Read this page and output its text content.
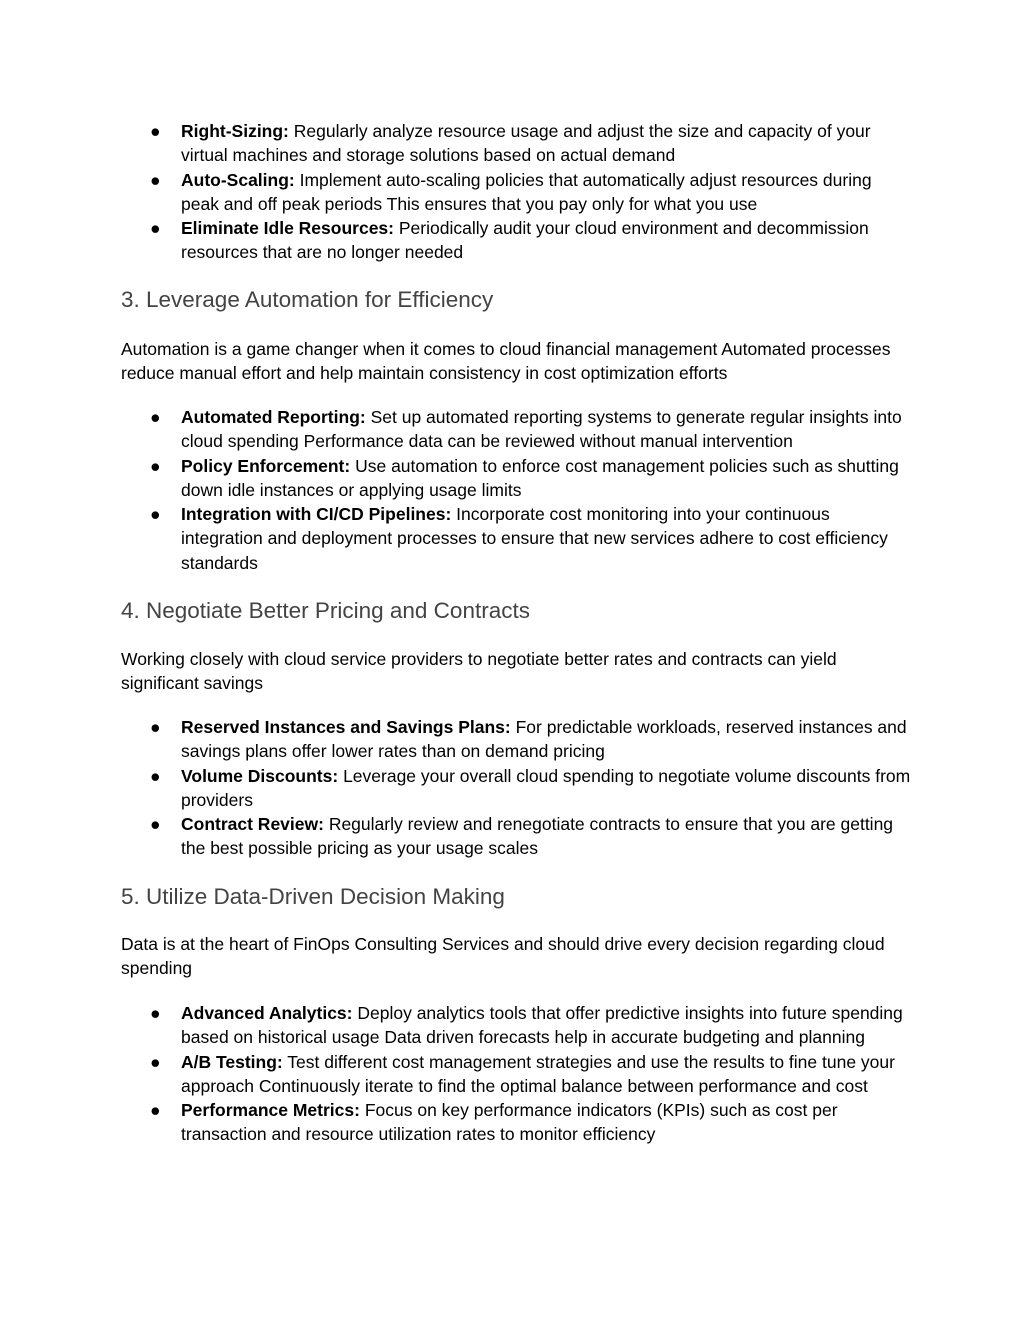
● Right-Sizing: Regularly analyze resource usage and adjust the size and capacity of your virtual machines and storage solutions based on actual demand
● Auto-Scaling: Implement auto-scaling policies that automatically adjust resources during peak and off peak periods This ensures that you pay only for what you use
● Eliminate Idle Resources: Periodically audit your cloud environment and decommission resources that are no longer needed
3. Leverage Automation for Efficiency

Automation is a game changer when it comes to cloud financial management Automated processes reduce manual effort and help maintain consistency in cost optimization efforts

● Automated Reporting: Set up automated reporting systems to generate regular insights into cloud spending Performance data can be reviewed without manual intervention
● Policy Enforcement: Use automation to enforce cost management policies such as shutting down idle instances or applying usage limits
● Integration with CI/CD Pipelines: Incorporate cost monitoring into your continuous integration and deployment processes to ensure that new services adhere to cost efficiency standards
4. Negotiate Better Pricing and Contracts

Working closely with cloud service providers to negotiate better rates and contracts can yield significant savings

● Reserved Instances and Savings Plans: For predictable workloads, reserved instances and savings plans offer lower rates than on demand pricing
● Volume Discounts: Leverage your overall cloud spending to negotiate volume discounts from providers
● Contract Review: Regularly review and renegotiate contracts to ensure that you are getting the best possible pricing as your usage scales
5. Utilize Data-Driven Decision Making

Data is at the heart of FinOps Consulting Services and should drive every decision regarding cloud spending

● Advanced Analytics: Deploy analytics tools that offer predictive insights into future spending based on historical usage Data driven forecasts help in accurate budgeting and planning
● A/B Testing: Test different cost management strategies and use the results to fine tune your approach Continuously iterate to find the optimal balance between performance and cost
● Performance Metrics: Focus on key performance indicators (KPIs) such as cost per transaction and resource utilization rates to monitor efficiency
